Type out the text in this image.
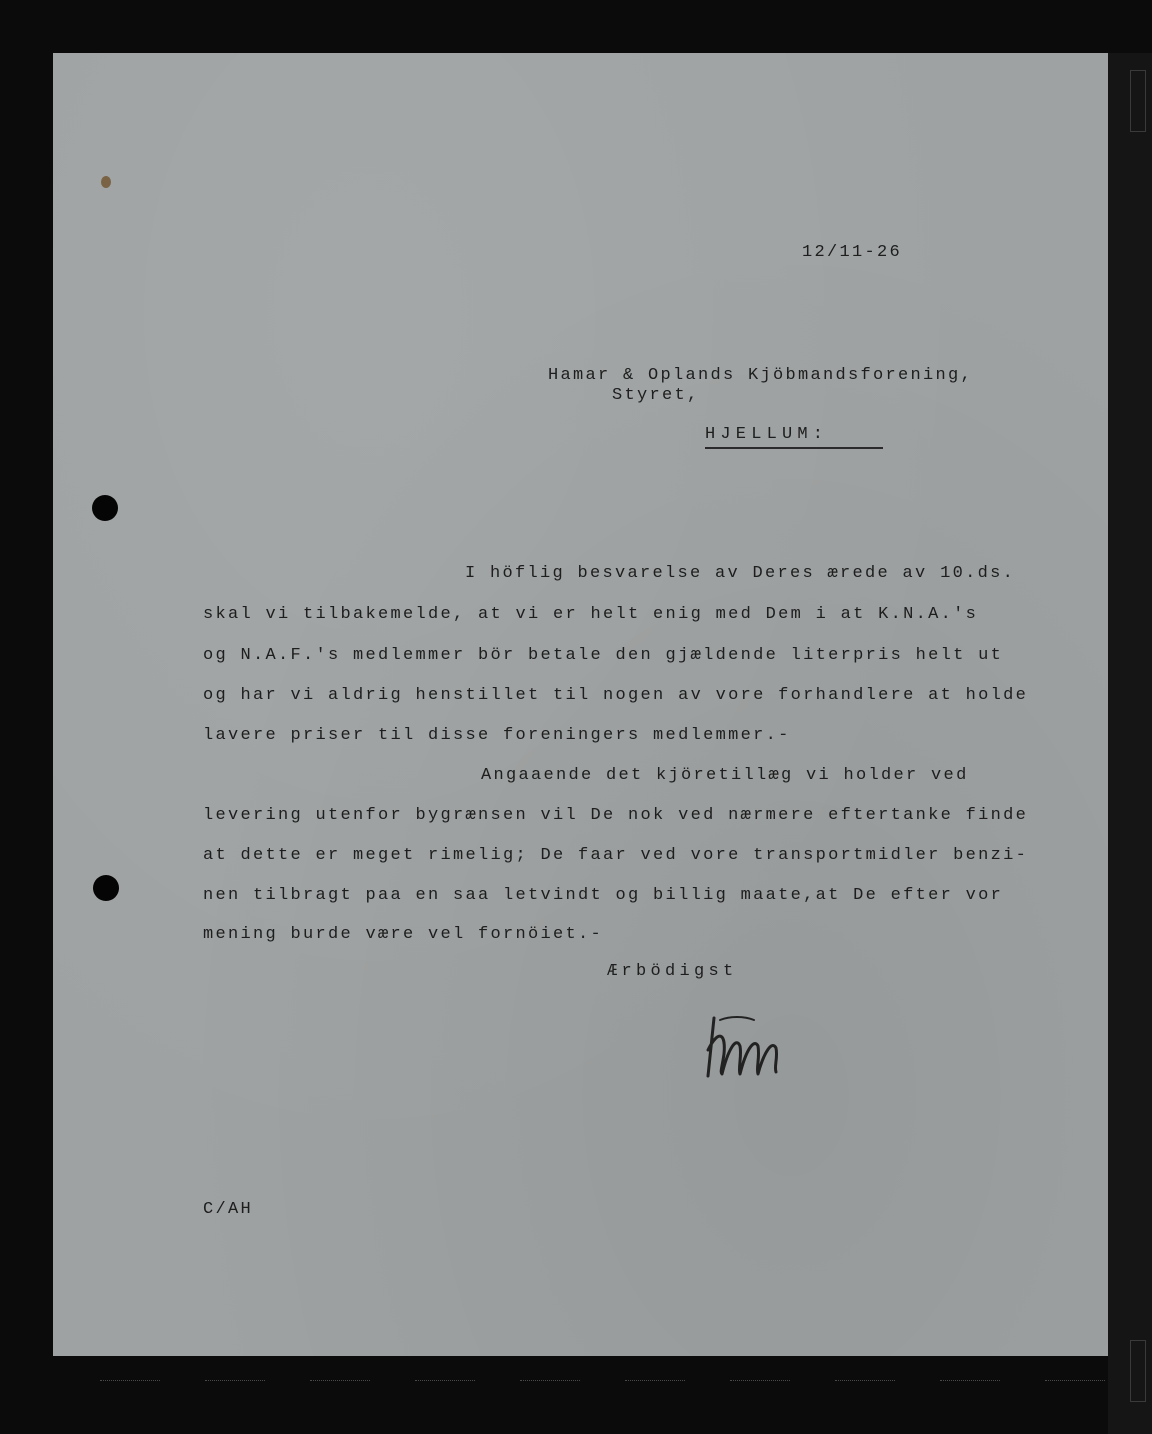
12/11-26
Hamar & Oplands Kjöbmandsforening,
Styret,
HJELLUM:
I höflig besvarelse av Deres ærede av 10.ds.
skal vi tilbakemelde, at vi er helt enig med Dem i at K.N.A.'s
og N.A.F.'s medlemmer bör betale den gjældende literpris helt ut
og har vi aldrig henstillet til nogen av vore forhandlere at holde
lavere priser til disse foreningers medlemmer.-
Angaaende det kjöretillæg vi holder ved
levering utenfor bygrænsen vil De nok ved nærmere eftertanke finde
at dette er meget rimelig; De faar ved vore transportmidler benzi-
nen tilbragt paa en saa letvindt og billig maate,at De efter vor
mening burde være vel fornöiet.-
Ærbödigst
C/AH
